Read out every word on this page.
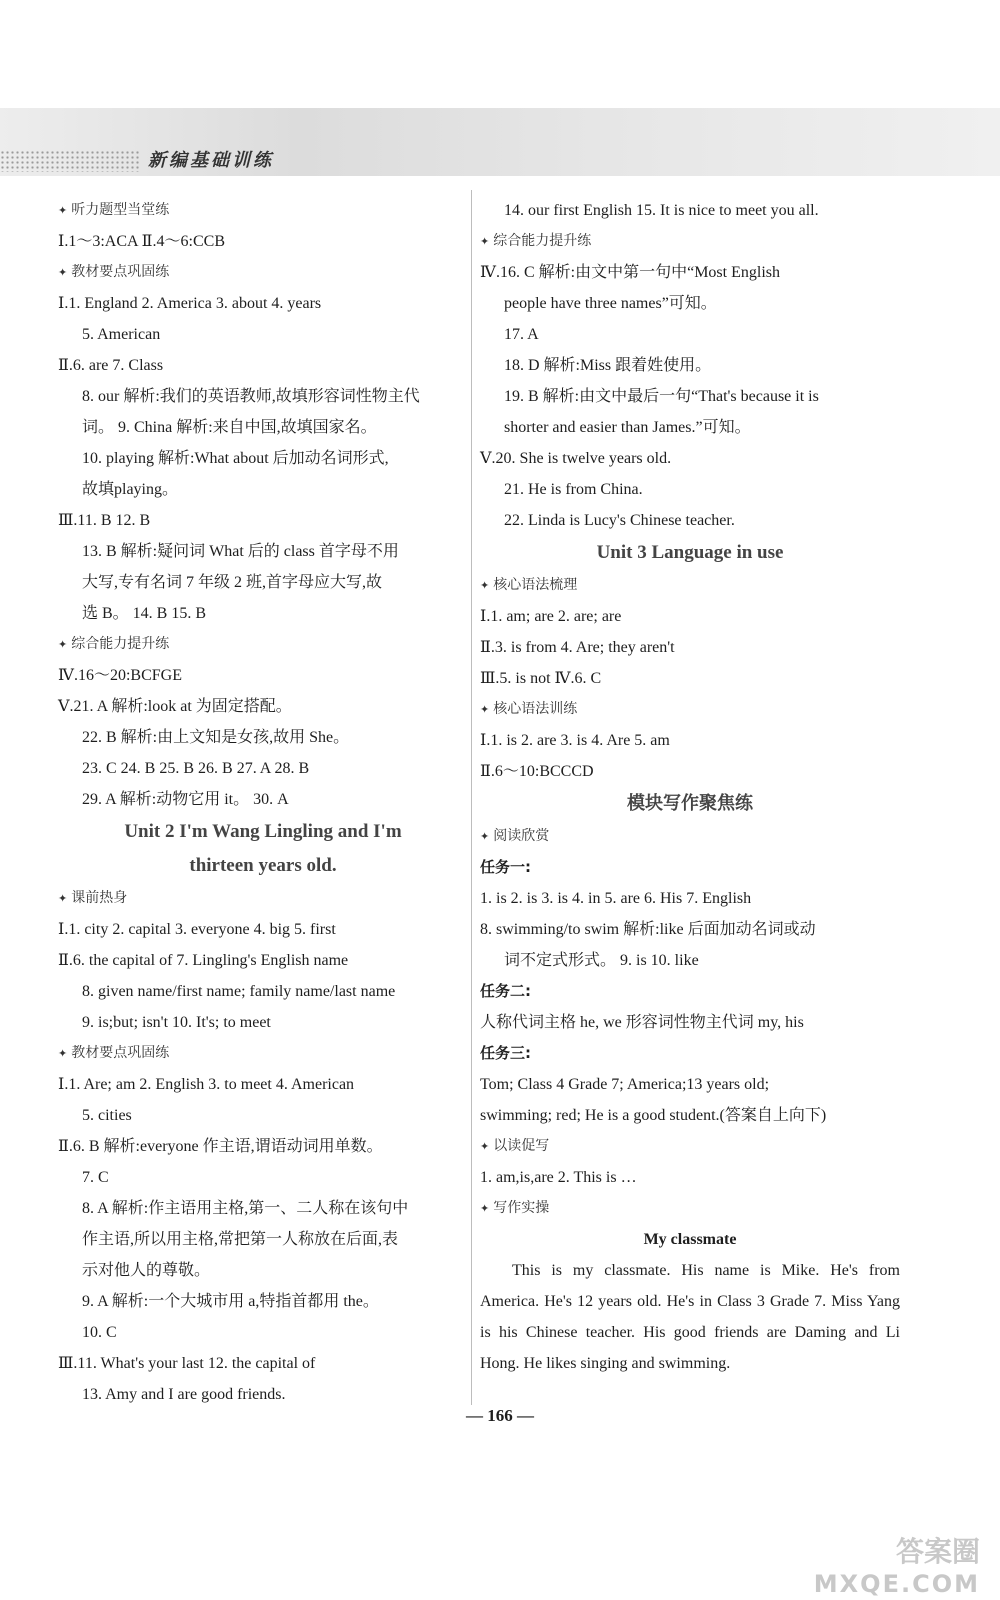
新编基础训练
✦ 听力题型当堂练
Ⅰ.1～3:ACA Ⅱ.4～6:CCB
✦ 教材要点巩固练
Ⅰ.1. England 2. America 3. about 4. years
5. American
Ⅱ.6. are 7. Class
8. our 解析:我们的英语教师,故填形容词性物主代
词。 9. China 解析:来自中国,故填国家名。
10. playing 解析:What about 后加动名词形式,
故填playing。
Ⅲ.11. B 12. B
13. B 解析:疑问词 What 后的 class 首字母不用
大写,专有名词 7 年级 2 班,首字母应大写,故
选 B。 14. B 15. B
✦ 综合能力提升练
Ⅳ.16～20:BCFGE
Ⅴ.21. A 解析:look at 为固定搭配。
22. B 解析:由上文知是女孩,故用 She。
23. C 24. B 25. B 26. B 27. A 28. B
29. A 解析:动物它用 it。 30. A
Unit 2 I'm Wang Lingling and I'm
thirteen years old.
✦ 课前热身
Ⅰ.1. city 2. capital 3. everyone 4. big 5. first
Ⅱ.6. the capital of 7. Lingling's English name
8. given name/first name; family name/last name
9. is;but; isn't 10. It's; to meet
✦ 教材要点巩固练
Ⅰ.1. Are; am 2. English 3. to meet 4. American
5. cities
Ⅱ.6. B 解析:everyone 作主语,谓语动词用单数。
7. C
8. A 解析:作主语用主格,第一、二人称在该句中
作主语,所以用主格,常把第一人称放在后面,表
示对他人的尊敬。
9. A 解析:一个大城市用 a,特指首都用 the。
10. C
Ⅲ.11. What's your last 12. the capital of
13. Amy and I are good friends.
14. our first English 15. It is nice to meet you all.
✦ 综合能力提升练
Ⅳ.16. C 解析:由文中第一句中“Most English
people have three names”可知。
17. A
18. D 解析:Miss 跟着姓使用。
19. B 解析:由文中最后一句“That's because it is
shorter and easier than James.”可知。
Ⅴ.20. She is twelve years old.
21. He is from China.
22. Linda is Lucy's Chinese teacher.
Unit 3 Language in use
✦ 核心语法梳理
Ⅰ.1. am; are 2. are; are
Ⅱ.3. is from 4. Are; they aren't
Ⅲ.5. is not Ⅳ.6. C
✦ 核心语法训练
Ⅰ.1. is 2. are 3. is 4. Are 5. am
Ⅱ.6～10:BCCCD
模块写作聚焦练
✦ 阅读欣赏
任务一:
1. is 2. is 3. is 4. in 5. are 6. His 7. English
8. swimming/to swim 解析:like 后面加动名词或动
词不定式形式。 9. is 10. like
任务二:
人称代词主格 he, we 形容词性物主代词 my, his
任务三:
Tom; Class 4 Grade 7; America;13 years old;
swimming; red; He is a good student.(答案自上向下)
✦ 以读促写
1. am,is,are 2. This is …
✦ 写作实操
My classmate
This is my classmate. His name is Mike. He's from America. He's 12 years old. He's in Class 3 Grade 7. Miss Yang is his Chinese teacher. His good friends are Daming and Li Hong. He likes singing and swimming.
— 166 —
答案圈
MXQE.COM
